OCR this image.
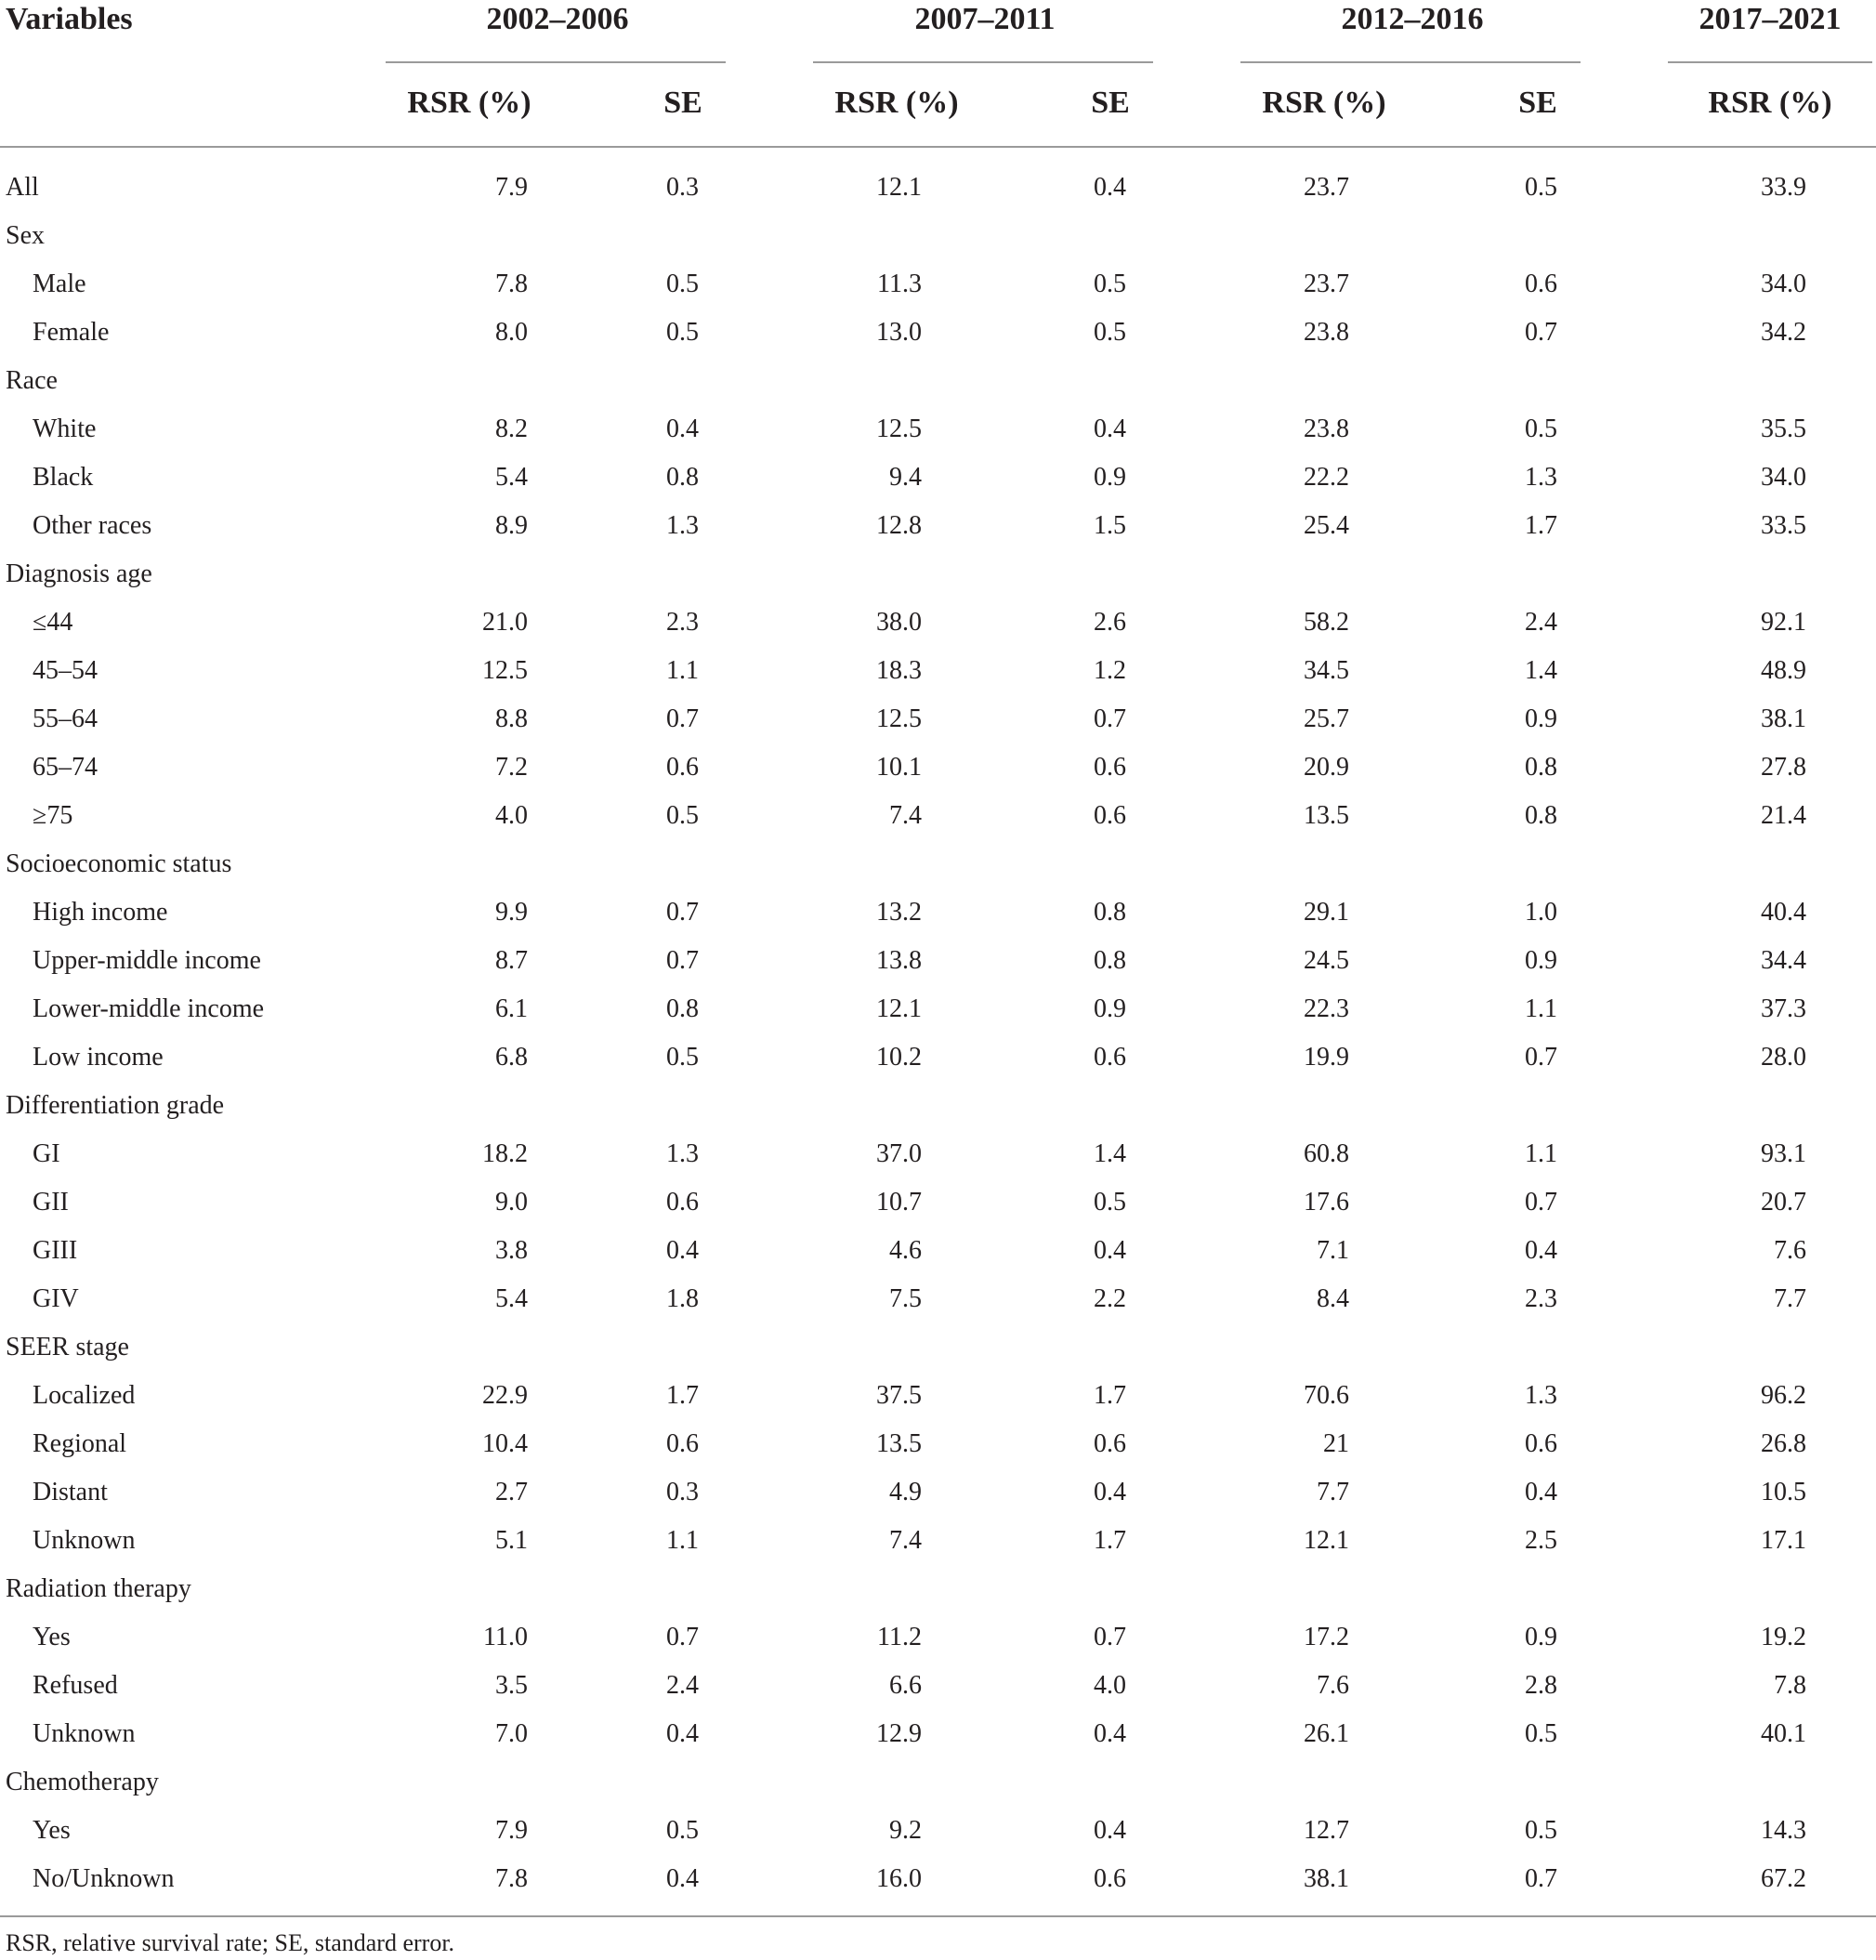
Variables	2002–2006	2007–2011	2012–2016	2017–2021
RSR (%)	SE	RSR (%)	SE	RSR (%)	SE	RSR (%)
All	7.9	0.3	12.1	0.4	23.7	0.5	33.9
Sex
Male	7.8	0.5	11.3	0.5	23.7	0.6	34.0
Female	8.0	0.5	13.0	0.5	23.8	0.7	34.2
Race
White	8.2	0.4	12.5	0.4	23.8	0.5	35.5
Black	5.4	0.8	9.4	0.9	22.2	1.3	34.0
Other races	8.9	1.3	12.8	1.5	25.4	1.7	33.5
Diagnosis age
≤44	21.0	2.3	38.0	2.6	58.2	2.4	92.1
45–54	12.5	1.1	18.3	1.2	34.5	1.4	48.9
55–64	8.8	0.7	12.5	0.7	25.7	0.9	38.1
65–74	7.2	0.6	10.1	0.6	20.9	0.8	27.8
≥75	4.0	0.5	7.4	0.6	13.5	0.8	21.4
Socioeconomic status
High income	9.9	0.7	13.2	0.8	29.1	1.0	40.4
Upper-middle income	8.7	0.7	13.8	0.8	24.5	0.9	34.4
Lower-middle income	6.1	0.8	12.1	0.9	22.3	1.1	37.3
Low income	6.8	0.5	10.2	0.6	19.9	0.7	28.0
Differentiation grade
GI	18.2	1.3	37.0	1.4	60.8	1.1	93.1
GII	9.0	0.6	10.7	0.5	17.6	0.7	20.7
GIII	3.8	0.4	4.6	0.4	7.1	0.4	7.6
GIV	5.4	1.8	7.5	2.2	8.4	2.3	7.7
SEER stage
Localized	22.9	1.7	37.5	1.7	70.6	1.3	96.2
Regional	10.4	0.6	13.5	0.6	21	0.6	26.8
Distant	2.7	0.3	4.9	0.4	7.7	0.4	10.5
Unknown	5.1	1.1	7.4	1.7	12.1	2.5	17.1
Radiation therapy
Yes	11.0	0.7	11.2	0.7	17.2	0.9	19.2
Refused	3.5	2.4	6.6	4.0	7.6	2.8	7.8
Unknown	7.0	0.4	12.9	0.4	26.1	0.5	40.1
Chemotherapy
Yes	7.9	0.5	9.2	0.4	12.7	0.5	14.3
No/Unknown	7.8	0.4	16.0	0.6	38.1	0.7	67.2
RSR, relative survival rate; SE, standard error.
